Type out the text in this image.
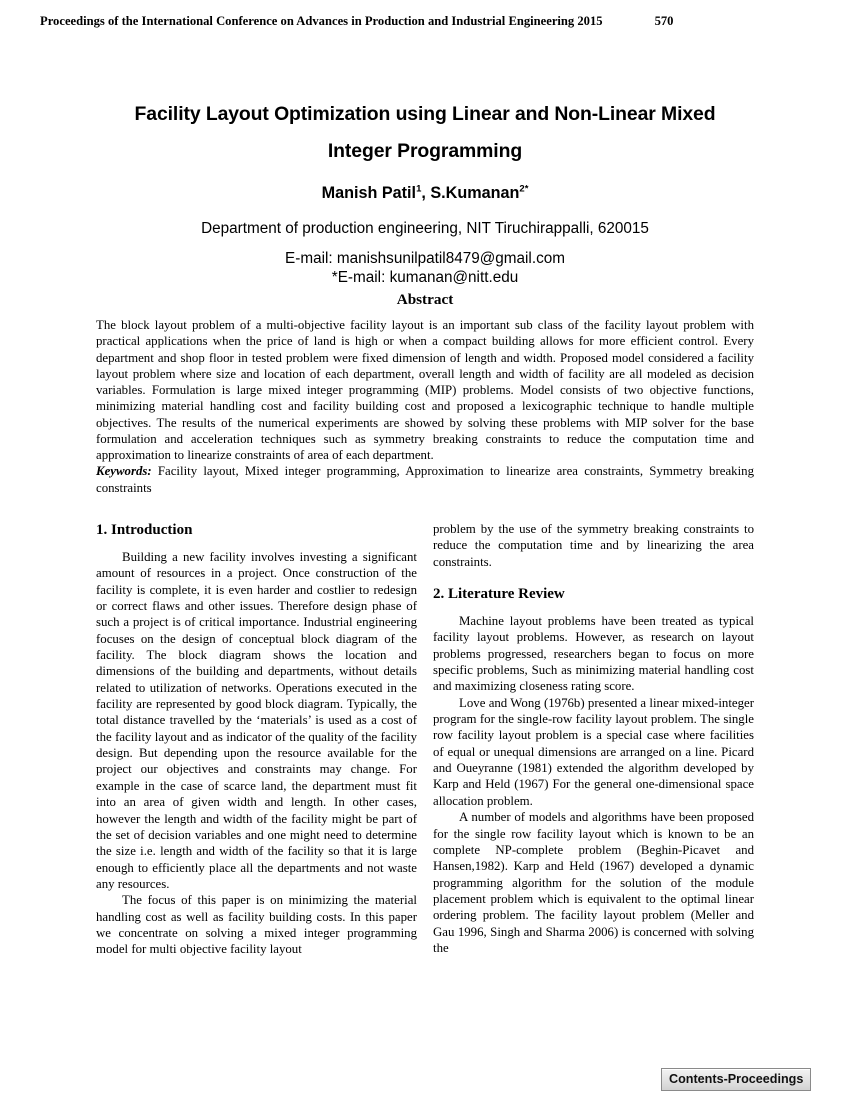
Proceedings of the International Conference on Advances in Production and Industrial Engineering 2015	570
Facility Layout Optimization using Linear and Non-Linear Mixed
Integer Programming

Manish Patil$^1$, S.Kumanan$^{2*}$

Department of production engineering, NIT Tiruchirappalli, 620015

E-mail: manishsunilpatil8479@gmail.com

*E-mail: kumanan@nitt.edu

Abstract

The block layout problem of a multi-objective facility layout is an important sub class of the facility layout problem with practical applications when the price of land is high or when a compact building allows for more efficient control. Every department and shop floor in tested problem were fixed dimension of length and width. Proposed model considered a facility layout problem where size and location of each department, overall length and width of facility are all modeled as decision variables. Formulation is large mixed integer programming (MIP) problems. Model consists of two objective functions, minimizing material handling cost and facility building cost and proposed a lexicographic technique to handle multiple objectives. The results of the numerical experiments are showed by solving these problems with MIP solver for the base formulation and acceleration techniques such as symmetry breaking constraints to reduce the computation time and approximation to linearize constraints of area of each department.

Keywords: Facility layout, Mixed integer programming, Approximation to linearize area constraints, Symmetry breaking constraints

1. Introduction

Building a new facility involves investing a significant amount of resources in a project. Once construction of the facility is complete, it is even harder and costlier to redesign or correct flaws and other issues. Therefore design phase of such a project is of critical importance. Industrial engineering focuses on the design of conceptual block diagram of the facility. The block diagram shows the location and dimensions of the building and departments, without details related to utilization of networks. Operations executed in the facility are represented by good block diagram. Typically, the total distance travelled by the ‘materials’ is used as a cost of the facility layout and as indicator of the quality of the facility design. But depending upon the resource available for the project our objectives and constraints may change. For example in the case of scarce land, the department must fit into an area of given width and length. In other cases, however the length and width of the facility might be part of the set of decision variables and one might need to determine the size i.e. length and width of the facility so that it is large enough to efficiently place all the departments and not waste any resources.

The focus of this paper is on minimizing the material handling cost as well as facility building costs. In this paper we concentrate on solving a mixed integer programming model for multi objective facility layout

problem by the use of the symmetry breaking constraints to reduce the computation time and by linearizing the area constraints.

2. Literature Review

Machine layout problems have been treated as typical facility layout problems. However, as research on layout problems progressed, researchers began to focus on more specific problems, Such as minimizing material handling cost and maximizing closeness rating score.

Love and Wong (1976b) presented a linear mixed-integer program for the single-row facility layout problem. The single row facility layout problem is a special case where facilities of equal or unequal dimensions are arranged on a line. Picard and Oueyranne (1981) extended the algorithm developed by Karp and Held (1967) For the general one-dimensional space allocation problem.

A number of models and algorithms have been proposed for the single row facility layout which is known to be an complete NP-complete problem (Beghin-Picavet and Hansen,1982). Karp and Held (1967) developed a dynamic programming algorithm for the solution of the module placement problem which is equivalent to the optimal linear ordering problem. The facility layout problem (Meller and Gau 1996, Singh and Sharma 2006) is concerned with solving the

Contents-Proceedings
